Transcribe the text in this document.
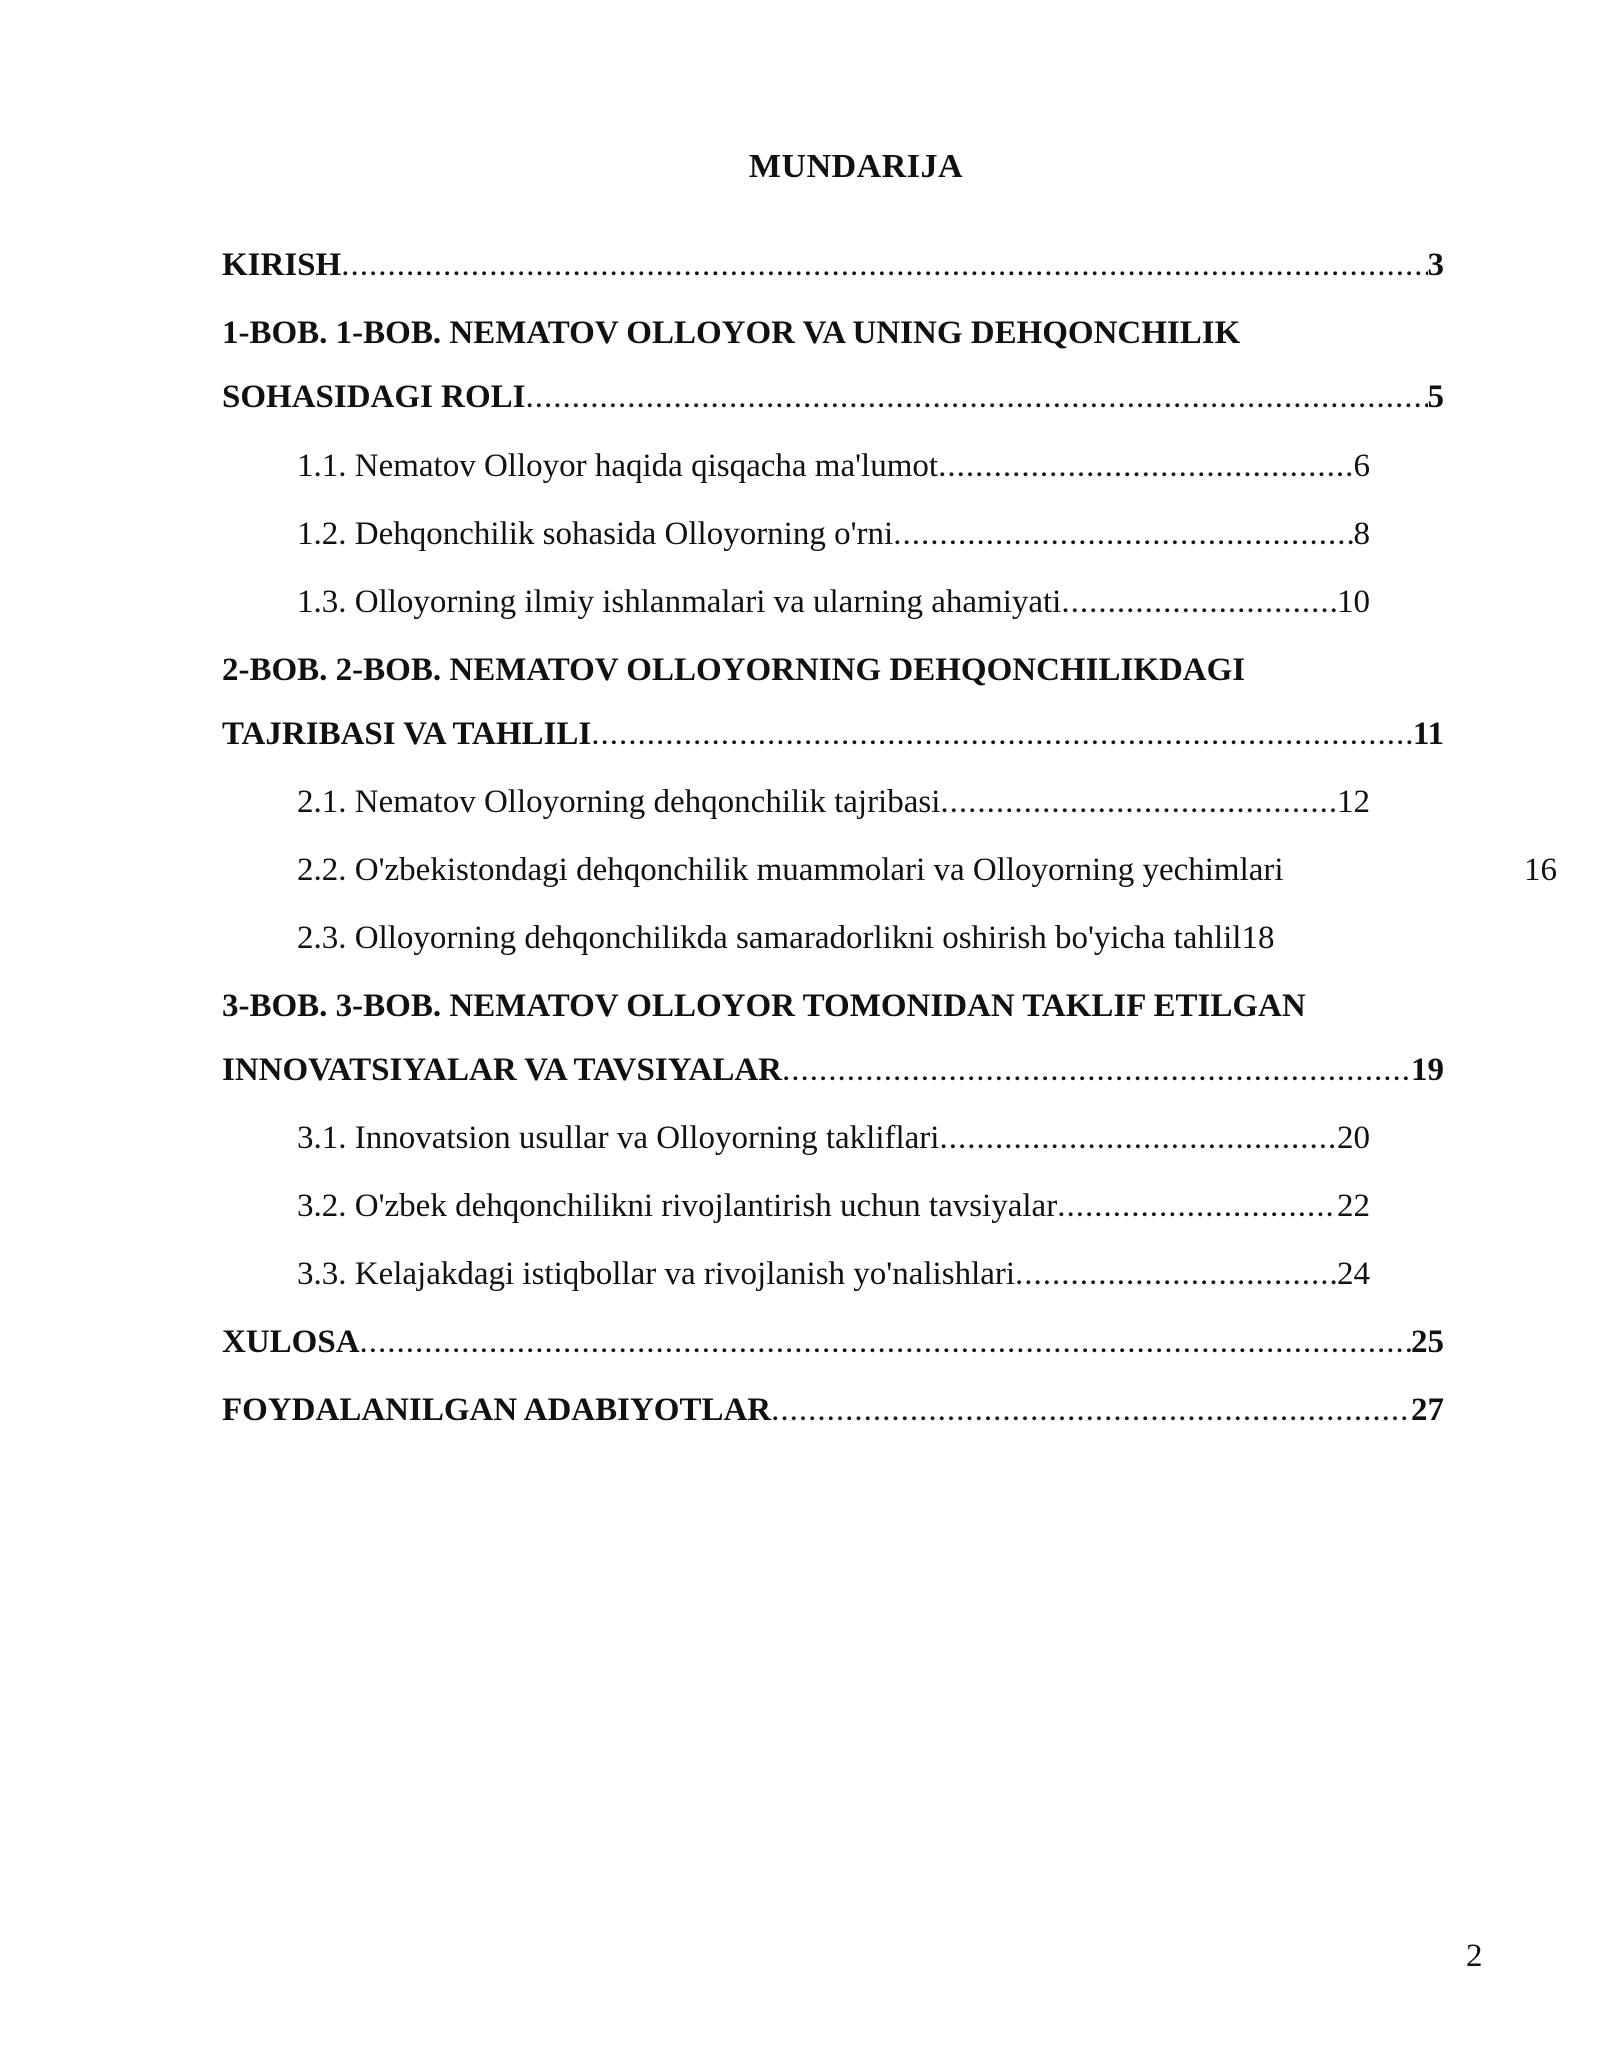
MUNDARIJA
KIRISH .....	3
1-BOB. 1-BOB. NEMATOV OLLOYOR VA UNING DEHQONCHILIK
SOHASIDAGI ROLI .....	5
1.1. Nematov Olloyor haqida qisqacha ma'lumot .....	6
1.2. Dehqonchilik sohasida Olloyorning o'rni .....	8
1.3. Olloyorning ilmiy ishlanmalari va ularning ahamiyati .....	10
2-BOB. 2-BOB. NEMATOV OLLOYORNING DEHQONCHILIKDAGI
TAJRIBASI VA TAHLILI .....	11
2.1. Nematov Olloyorning dehqonchilik tajribasi .....	12
2.2. O'zbekistondagi dehqonchilik muammolari va Olloyorning yechimlari	16
2.3. Olloyorning dehqonchilikda samaradorlikni oshirish bo'yicha tahlil 18
3-BOB. 3-BOB. NEMATOV OLLOYOR TOMONIDAN TAKLIF ETILGAN
INNOVATSIYALAR VA TAVSIYALAR .....	19
3.1. Innovatsion usullar va Olloyorning takliflari .....	20
3.2. O'zbek dehqonchilikni rivojlantirish uchun tavsiyalar .....	22
3.3. Kelajakdagi istiqbollar va rivojlanish yo'nalishlari .....	24
XULOSA .....	25
FOYDALANILGAN ADABIYOTLAR .....	27
2
